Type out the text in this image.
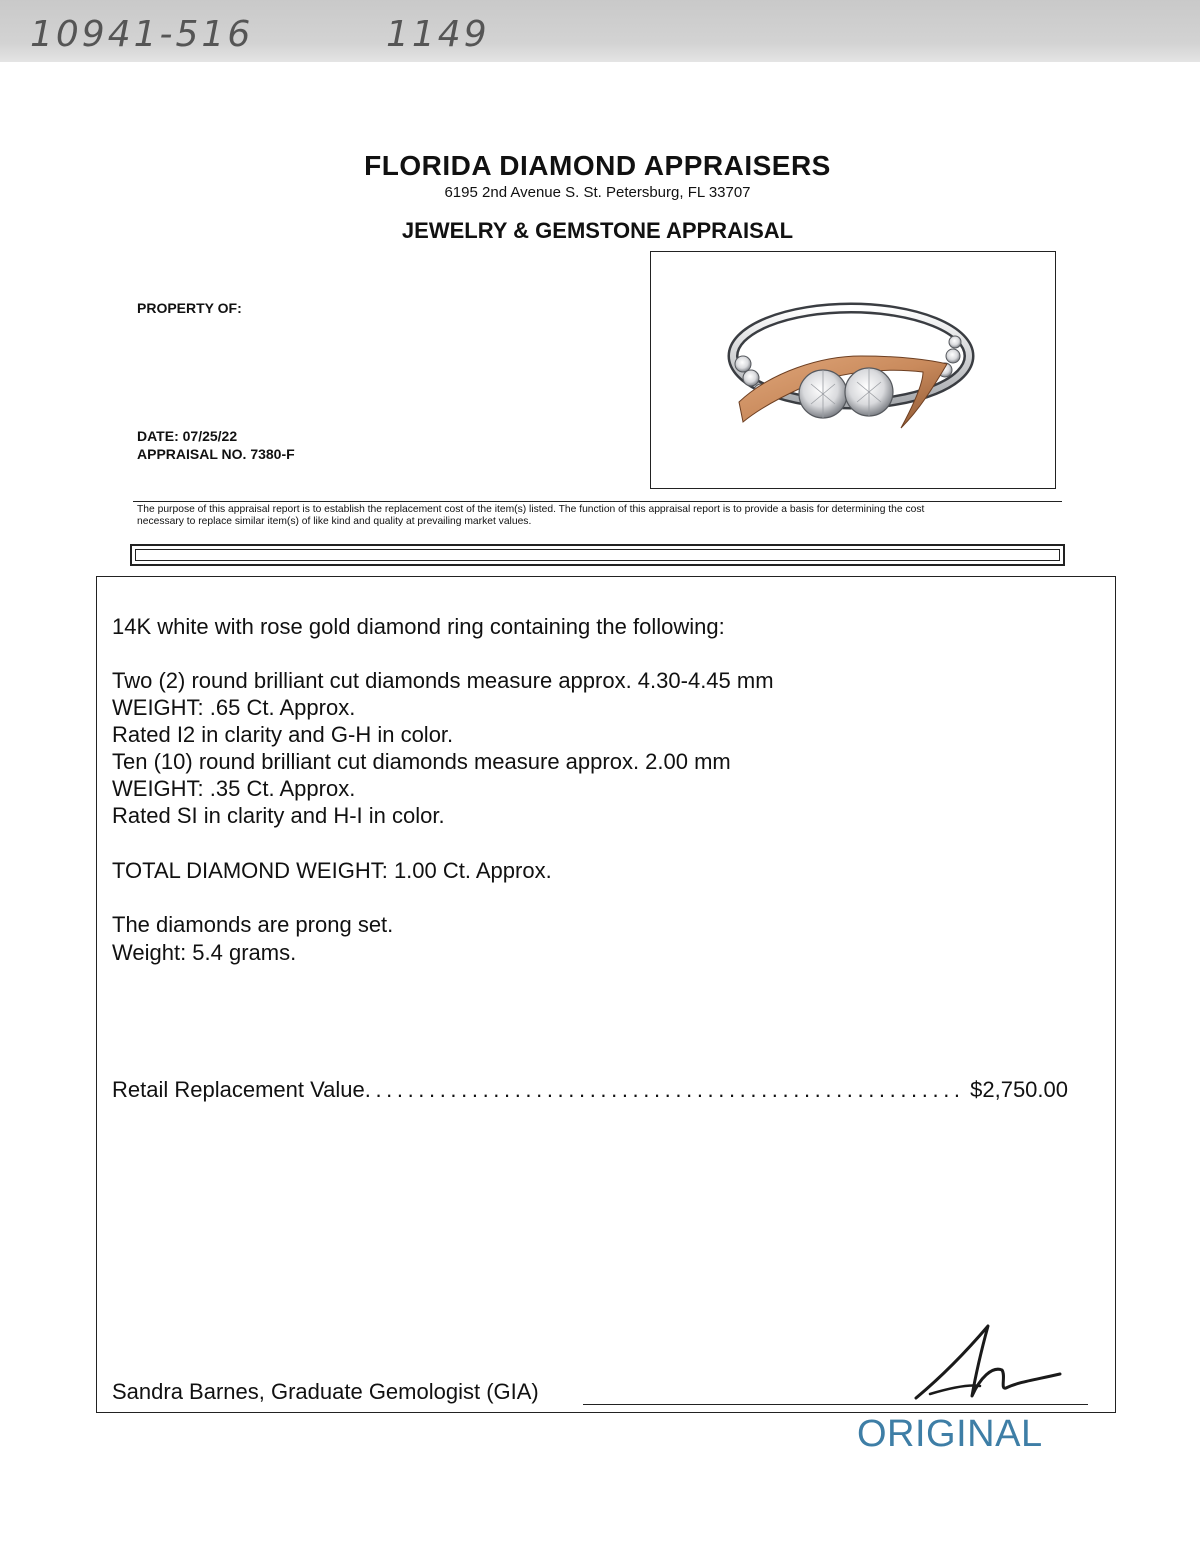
10941-516	1149
FLORIDA DIAMOND APPRAISERS
6195 2nd Avenue S. St. Petersburg, FL 33707
JEWELRY & GEMSTONE APPRAISAL
PROPERTY OF:
DATE: 07/25/22
APPRAISAL NO. 7380-F
The purpose of this appraisal report is to establish the replacement cost of the item(s) listed. The function of this appraisal report is to provide a basis for determining the cost
necessary to replace similar item(s) of like kind and quality at prevailing market values.
14K white with rose gold diamond ring containing the following:
Two (2) round brilliant cut diamonds measure approx. 4.30-4.45 mm
WEIGHT: .65 Ct. Approx.
Rated I2 in clarity and G-H in color.
Ten (10) round brilliant cut diamonds measure approx. 2.00 mm
WEIGHT: .35 Ct. Approx.
Rated SI in clarity and H-I in color.
TOTAL DIAMOND WEIGHT: 1.00 Ct. Approx.
The diamonds are prong set.
Weight: 5.4 grams.
Retail Replacement Value ........................................................ $2,750.00
Sandra Barnes, Graduate Gemologist (GIA)
ORIGINAL
